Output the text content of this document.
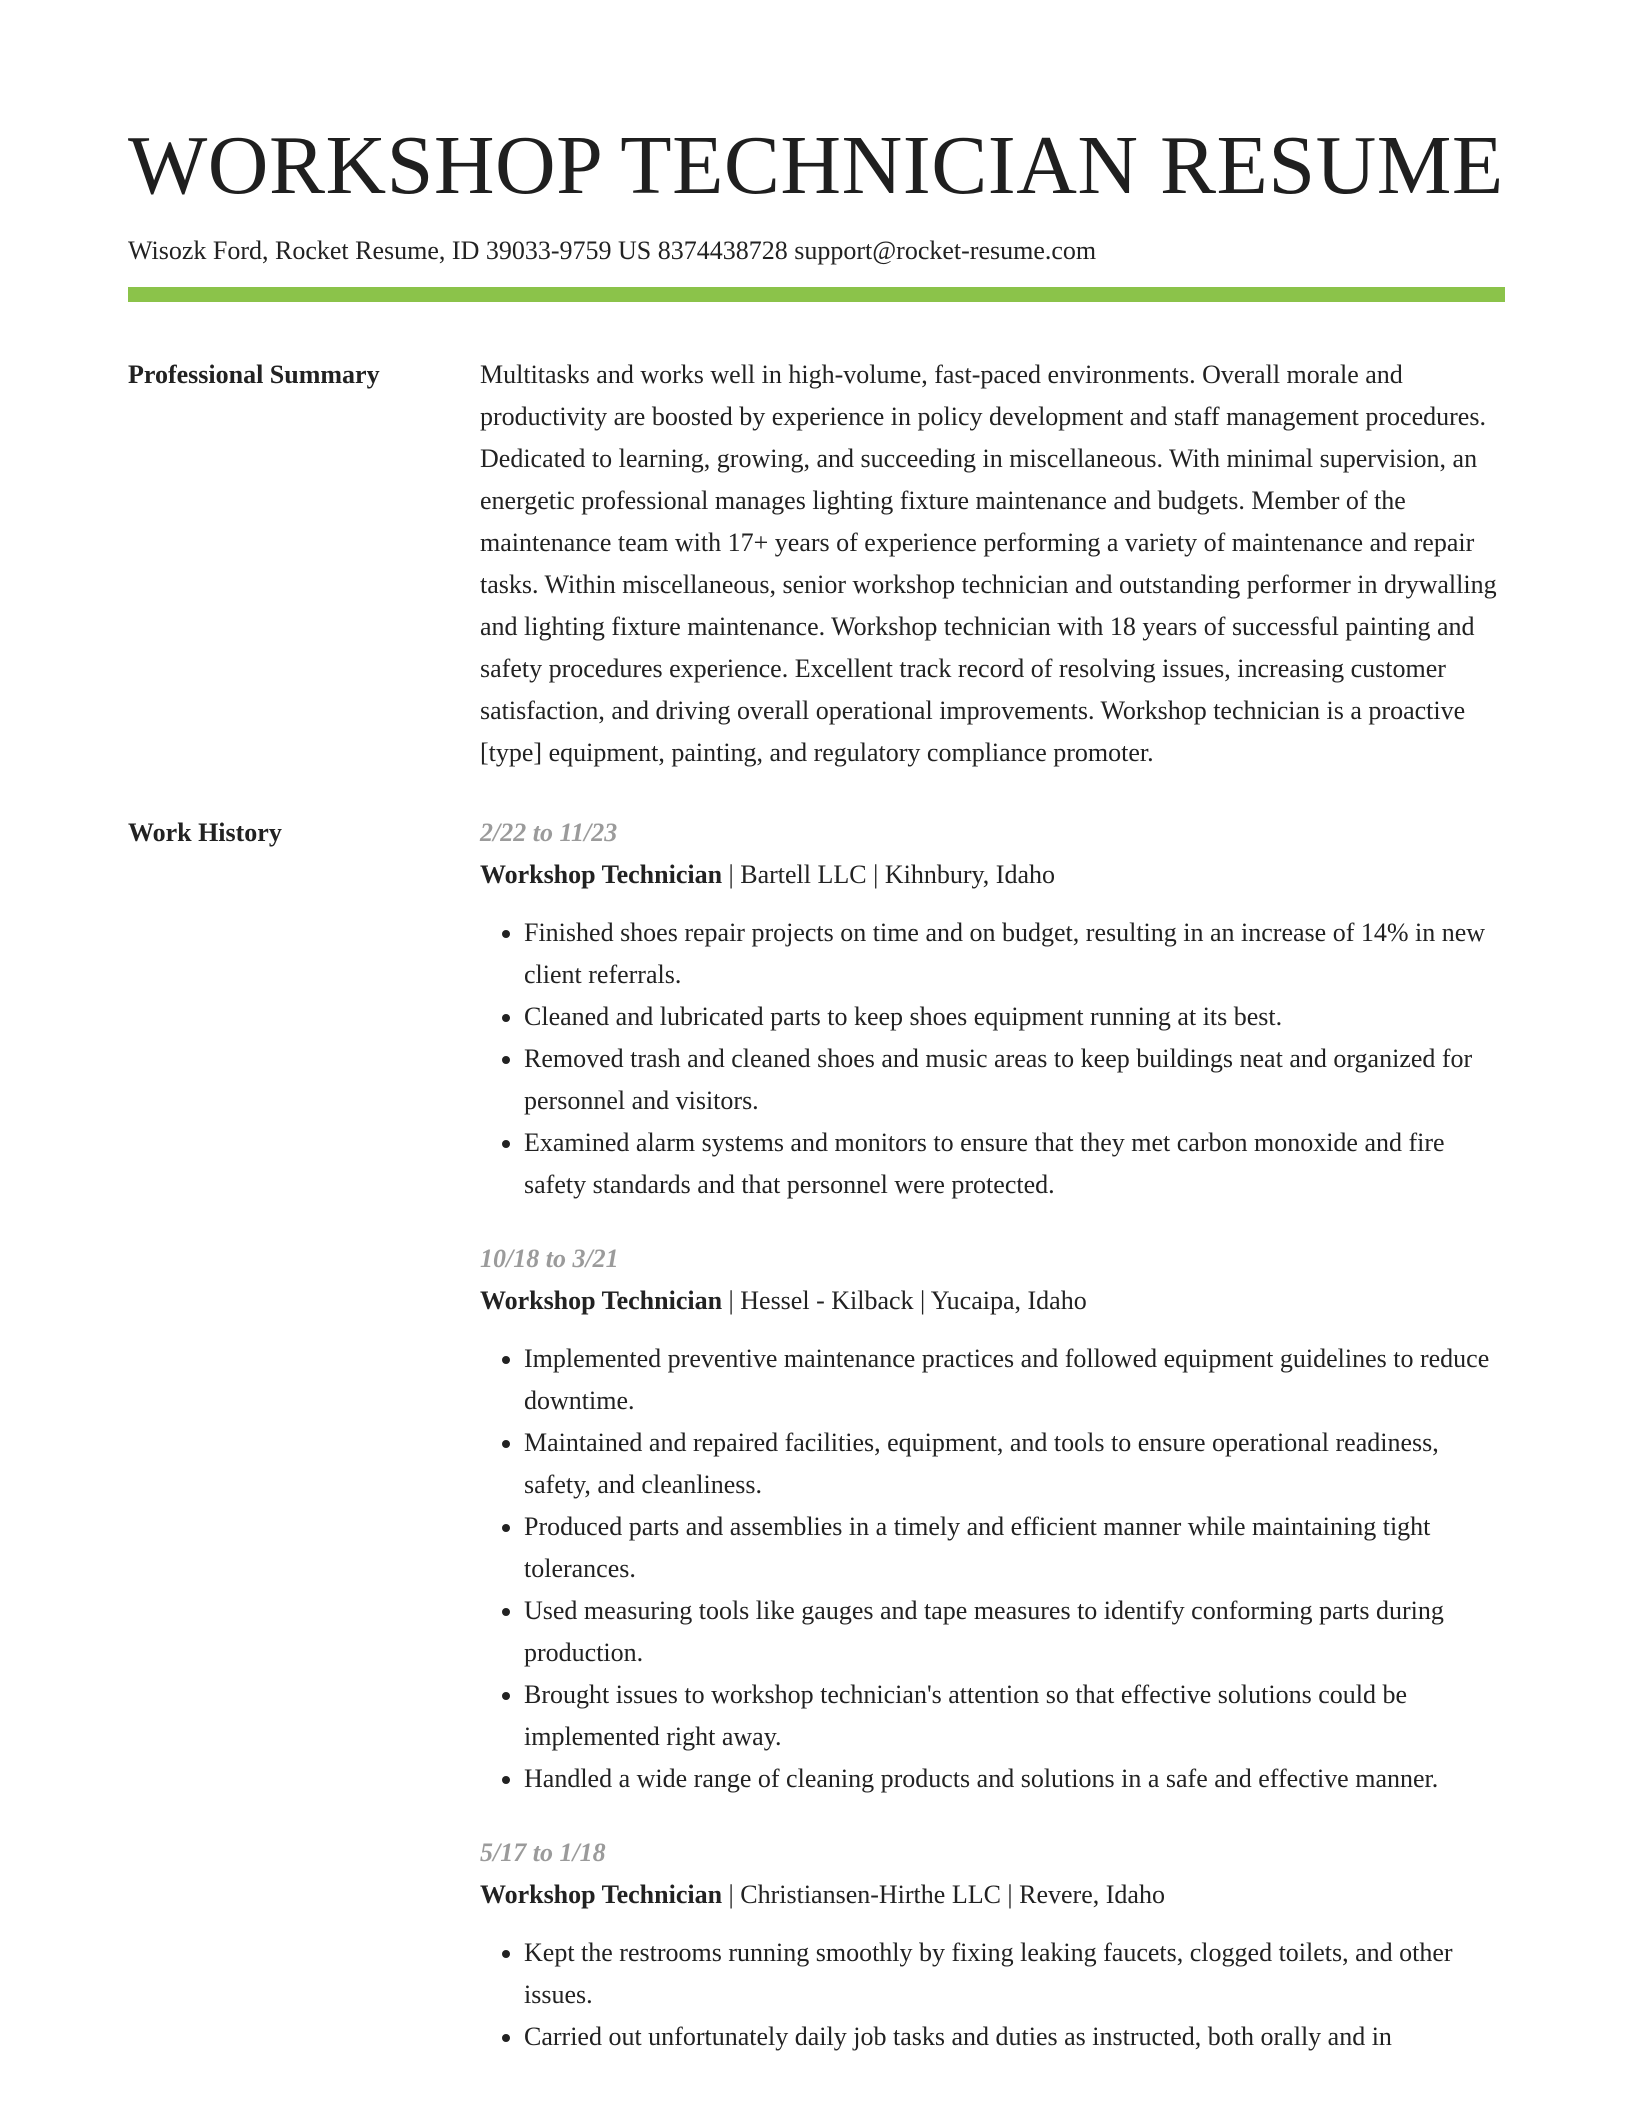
WORKSHOP TECHNICIAN RESUME
Wisozk Ford, Rocket Resume, ID 39033-9759 US 8374438728 support@rocket-resume.com
Professional Summary	Multitasks and works well in high-volume, fast-paced environments. Overall morale and productivity are boosted by experience in policy development and staff management procedures. Dedicated to learning, growing, and succeeding in miscellaneous. With minimal supervision, an energetic professional manages lighting fixture maintenance and budgets. Member of the maintenance team with 17+ years of experience performing a variety of maintenance and repair tasks. Within miscellaneous, senior workshop technician and outstanding performer in drywalling and lighting fixture maintenance. Workshop technician with 18 years of successful painting and safety procedures experience. Excellent track record of resolving issues, increasing customer satisfaction, and driving overall operational improvements. Workshop technician is a proactive [type] equipment, painting, and regulatory compliance promoter.

Work History	2/22 to 11/23
Workshop Technician | Bartell LLC | Kihnbury, Idaho
• Finished shoes repair projects on time and on budget, resulting in an increase of 14% in new client referrals.
• Cleaned and lubricated parts to keep shoes equipment running at its best.
• Removed trash and cleaned shoes and music areas to keep buildings neat and organized for personnel and visitors.
• Examined alarm systems and monitors to ensure that they met carbon monoxide and fire safety standards and that personnel were protected.
10/18 to 3/21
Workshop Technician | Hessel - Kilback | Yucaipa, Idaho
• Implemented preventive maintenance practices and followed equipment guidelines to reduce downtime.
• Maintained and repaired facilities, equipment, and tools to ensure operational readiness, safety, and cleanliness.
• Produced parts and assemblies in a timely and efficient manner while maintaining tight tolerances.
• Used measuring tools like gauges and tape measures to identify conforming parts during production.
• Brought issues to workshop technician's attention so that effective solutions could be implemented right away.
• Handled a wide range of cleaning products and solutions in a safe and effective manner.
5/17 to 1/18
Workshop Technician | Christiansen-Hirthe LLC | Revere, Idaho
• Kept the restrooms running smoothly by fixing leaking faucets, clogged toilets, and other issues.
• Carried out unfortunately daily job tasks and duties as instructed, both orally and in
